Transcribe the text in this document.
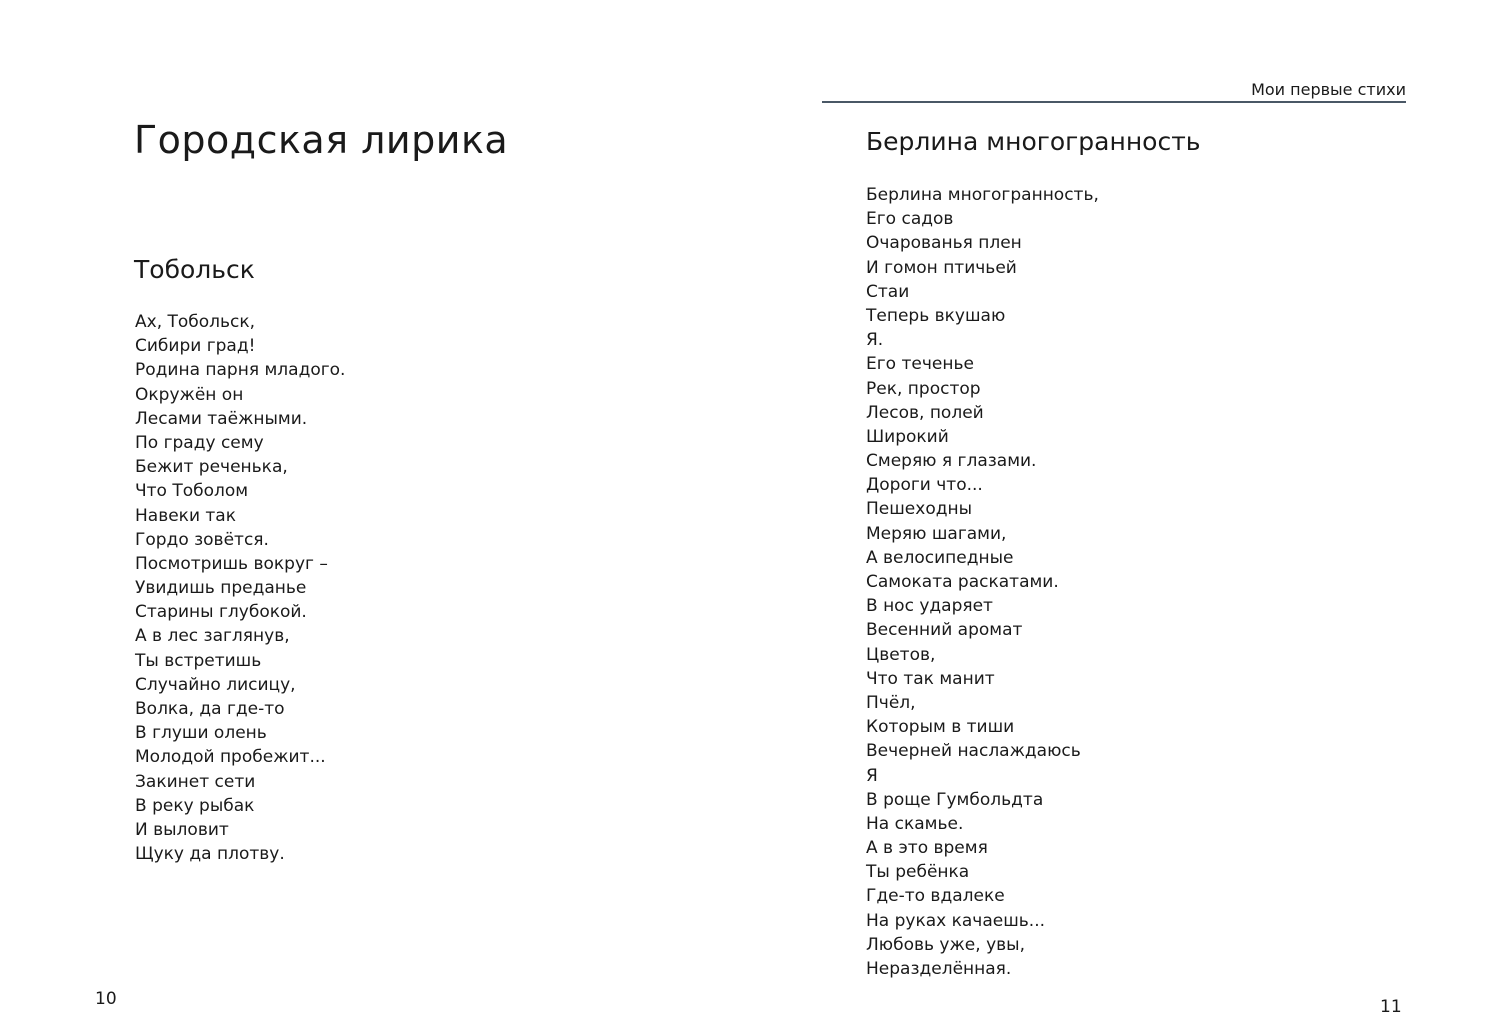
Городская лирика
Тобольск
Ах, Тобольск,
Сибири град!
Родина парня младого.
Окружён он
Лесами таёжными.
По граду сему
Бежит реченька,
Что Тоболом
Навеки так
Гордо зовётся.
Посмотришь вокруг –
Увидишь преданье
Старины глубокой.
А в лес заглянув,
Ты встретишь
Случайно лисицу,
Волка, да где-то
В глуши олень
Молодой пробежит...
Закинет сети
В реку рыбак
И выловит
Щуку да плотву.
10
Мои первые стихи
Берлина многогранность
Берлина многогранность,
Его садов
Очарованья плен
И гомон птичьей
Стаи
Теперь вкушаю
Я.
Его теченье
Рек, простор
Лесов, полей
Широкий
Смеряю я глазами.
Дороги что...
Пешеходны
Меряю шагами,
А велосипедные
Самоката раскатами.
В нос ударяет
Весенний аромат
Цветов,
Что так манит
Пчёл,
Которым в тиши
Вечерней наслаждаюсь
Я
В роще Гумбольдта
На скамье.
А в это время
Ты ребёнка
Где-то вдалеке
На руках качаешь...
Любовь уже, увы,
Неразделённая.
11
